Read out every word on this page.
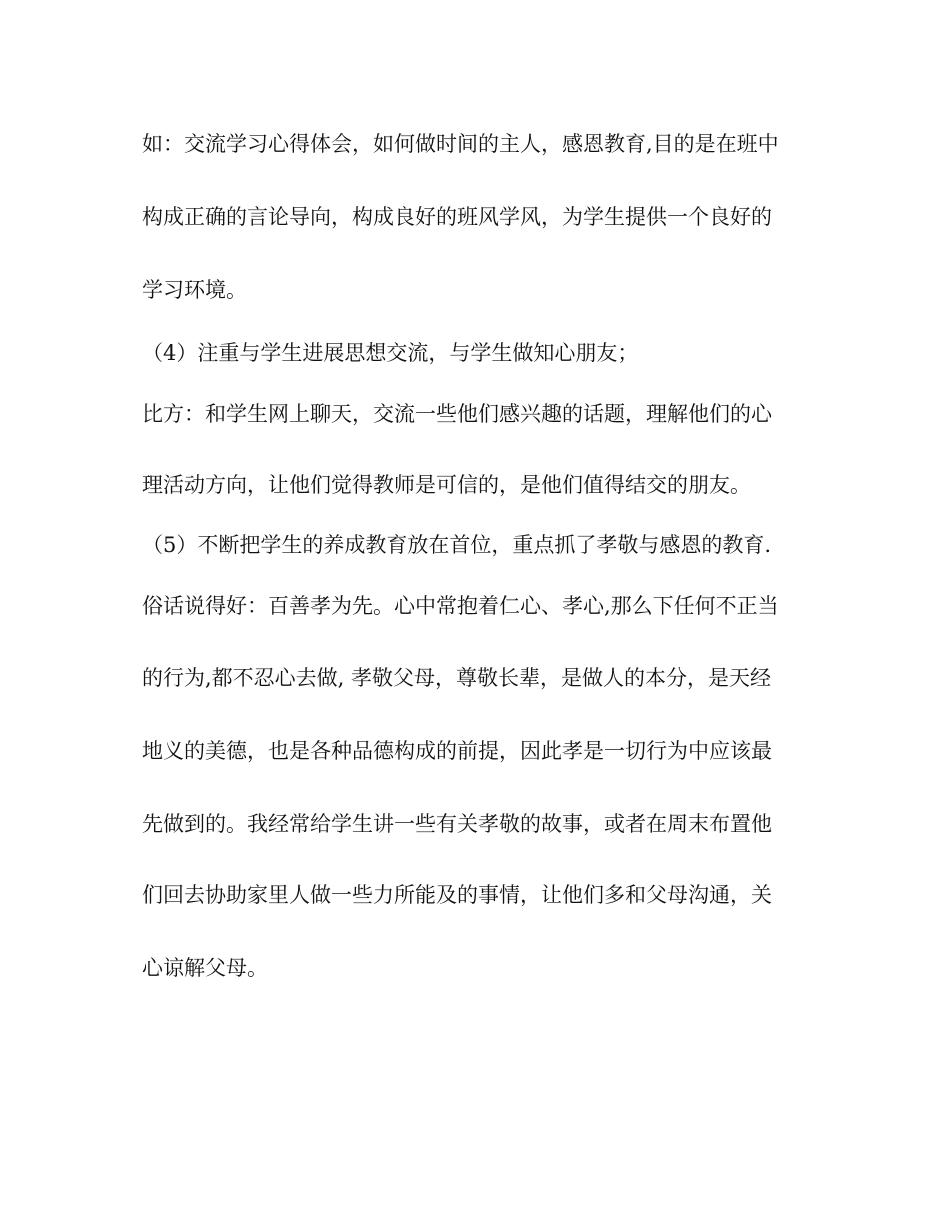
如：交流学习心得体会，如何做时间的主人，感恩教育,目的是在班中
构成正确的言论导向，构成良好的班风学风，为学生提供一个良好的
学习环境。
（4）注重与学生进展思想交流，与学生做知心朋友；
比方：和学生网上聊天，交流一些他们感兴趣的话题，理解他们的心
理活动方向，让他们觉得教师是可信的，是他们值得结交的朋友。
（5）不断把学生的养成教育放在首位，重点抓了孝敬与感恩的教育.
俗话说得好：百善孝为先。心中常抱着仁心、孝心,那么下任何不正当
的行为,都不忍心去做, 孝敬父母，尊敬长辈，是做人的本分，是天经
地义的美德，也是各种品德构成的前提，因此孝是一切行为中应该最
先做到的。我经常给学生讲一些有关孝敬的故事，或者在周末布置他
们回去协助家里人做一些力所能及的事情，让他们多和父母沟通，关
心谅解父母。
